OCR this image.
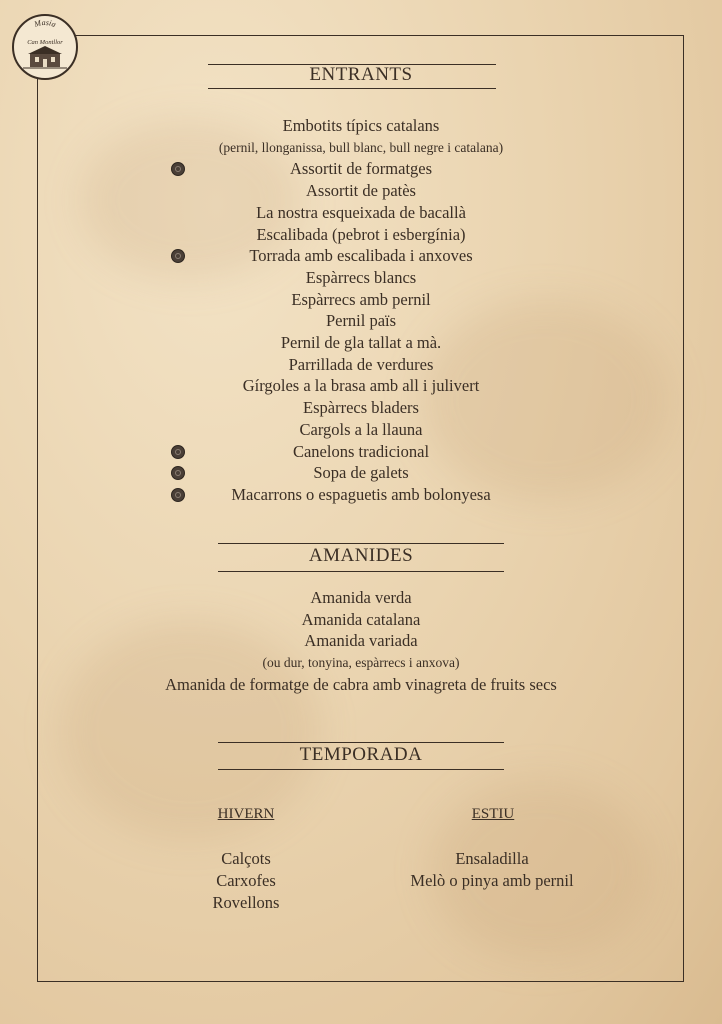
Masia
Can Montllor
ENTRANTS
Embotits típics catalans
(pernil, llonganissa, bull blanc, bull negre i catalana)
Assortit de formatges
Assortit de patès
La nostra esqueixada de bacallà
Escalibada (pebrot i esbergínia)
Torrada amb escalibada i anxoves
Espàrrecs blancs
Espàrrecs amb pernil
Pernil païs
Pernil de gla tallat a mà.
Parrillada de verdures
Gírgoles a la brasa amb all i julivert
Espàrrecs bladers
Cargols a la llauna
Canelons tradicional
Sopa de galets
Macarrons o espaguetis amb bolonyesa
AMANIDES
Amanida verda
Amanida catalana
Amanida variada
(ou dur, tonyina, espàrrecs i anxova)
Amanida de formatge de cabra amb vinagreta de fruits secs
TEMPORADA
HIVERN	ESTIU
Calçots
Carxofes
Rovellons
Ensaladilla
Melò o pinya amb pernil
